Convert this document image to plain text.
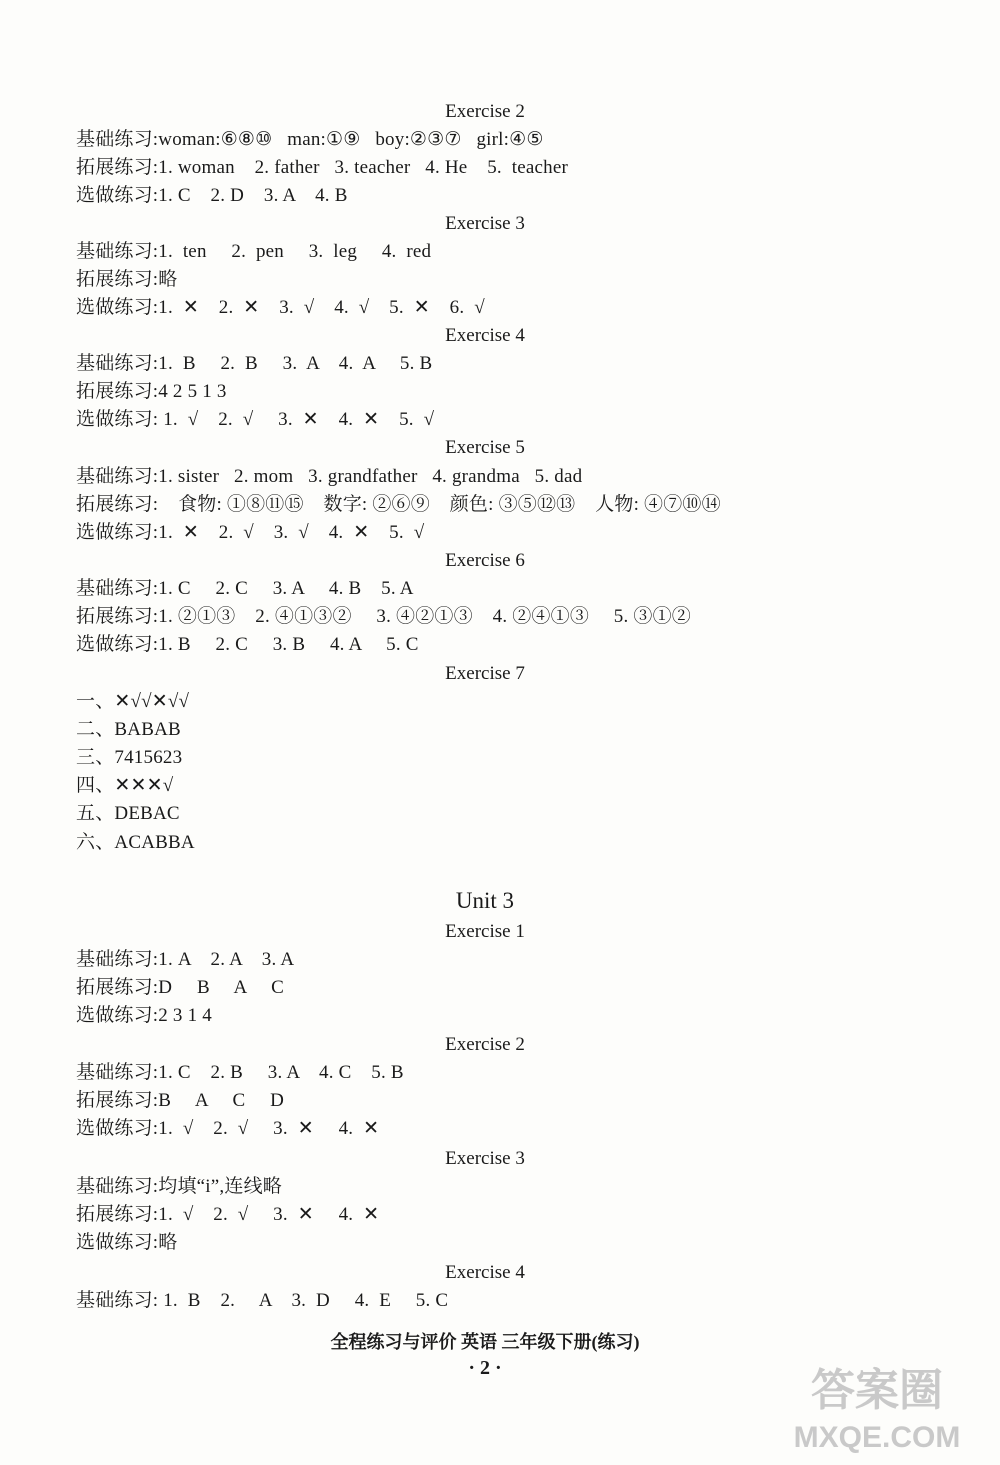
Exercise 2
基础练习:woman:⑥⑧⑩   man:①⑨   boy:②③⑦   girl:④⑤
拓展练习:1. woman    2. father   3. teacher   4. He    5.  teacher
选做练习:1. C    2. D    3. A    4. B
Exercise 3
基础练习:1.  ten     2.  pen     3.  leg     4.  red
拓展练习:略
选做练习:1.  ✕    2.  ✕    3.  √    4.  √    5.  ✕    6.  √
Exercise 4
基础练习:1.  B     2.  B     3.  A    4.  A     5. B
拓展练习:4 2 5 1 3
选做练习: 1.  √    2.  √     3.  ✕    4.  ✕    5.  √
Exercise 5
基础练习:1. sister   2. mom   3. grandfather   4. grandma   5. dad
拓展练习:    食物: ①⑧⑪⑮    数字: ②⑥⑨    颜色: ③⑤⑫⑬    人物: ④⑦⑩⑭
选做练习:1.  ✕    2.  √    3.  √    4.  ✕    5.  √
Exercise 6
基础练习:1. C     2. C     3. A     4. B    5. A
拓展练习:1. ②①③    2. ④①③②     3. ④②①③    4. ②④①③     5. ③①②
选做练习:1. B     2. C     3. B     4. A     5. C
Exercise 7
一、✕√√✕√√
二、BABAB
三、7415623
四、✕✕✕√
五、DEBAC
六、ACABBA
Unit 3
Exercise 1
基础练习:1. A    2. A    3. A
拓展练习:D     B     A     C
选做练习:2 3 1 4
Exercise 2
基础练习:1. C    2. B     3. A    4. C    5. B
拓展练习:B     A     C     D
选做练习:1.  √    2.  √     3.  ✕     4.  ✕
Exercise 3
基础练习:均填“i”,连线略
拓展练习:1.  √    2.  √     3.  ✕     4.  ✕
选做练习:略
Exercise 4
基础练习: 1.  B    2.     A    3.  D     4.  E     5. C
全程练习与评价 英语 三年级下册(练习)
· 2 ·	答案圈
MXQE.COM
